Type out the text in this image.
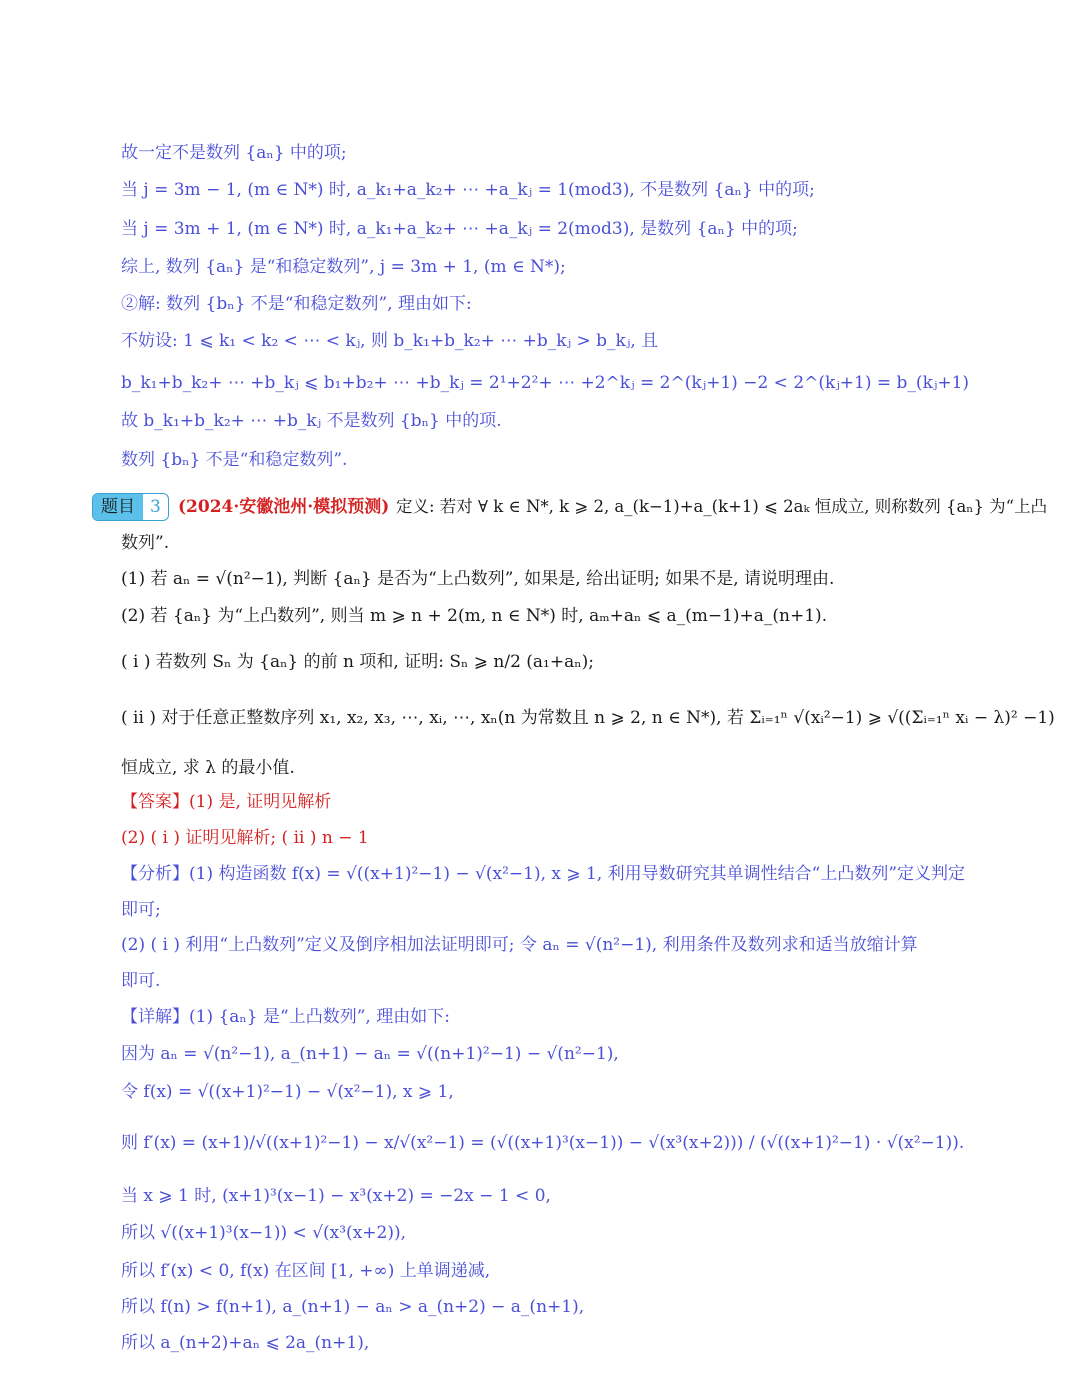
故一定不是数列 {aₙ} 中的项;
当 j = 3m − 1, (m ∈ N*) 时, a_k₁+a_k₂+ ⋯ +a_kⱼ = 1(mod3), 不是数列 {aₙ} 中的项;
当 j = 3m + 1, (m ∈ N*) 时, a_k₁+a_k₂+ ⋯ +a_kⱼ = 2(mod3), 是数列 {aₙ} 中的项;
综上, 数列 {aₙ} 是“和稳定数列”, j = 3m + 1, (m ∈ N*);
②解: 数列 {bₙ} 不是“和稳定数列”, 理由如下:
不妨设: 1 ⩽ k₁ < k₂ < ⋯ < kⱼ, 则 b_k₁+b_k₂+ ⋯ +b_kⱼ > b_kⱼ, 且
b_k₁+b_k₂+ ⋯ +b_kⱼ ⩽ b₁+b₂+ ⋯ +b_kⱼ = 2¹+2²+ ⋯ +2^kⱼ = 2^(kⱼ+1) −2 < 2^(kⱼ+1) = b_(kⱼ+1)
故 b_k₁+b_k₂+ ⋯ +b_kⱼ 不是数列 {bₙ} 中的项.
数列 {bₙ} 不是“和稳定数列”.
题目 3	(2024·安徽池州·模拟预测) 定义: 若对 ∀ k ∈ N*, k ⩾ 2, a_(k−1)+a_(k+1) ⩽ 2aₖ 恒成立, 则称数列 {aₙ} 为“上凸
数列”.
(1) 若 aₙ = √(n²−1), 判断 {aₙ} 是否为“上凸数列”, 如果是, 给出证明; 如果不是, 请说明理由.
(2) 若 {aₙ} 为“上凸数列”, 则当 m ⩾ n + 2(m, n ∈ N*) 时, aₘ+aₙ ⩽ a_(m−1)+a_(n+1).
( i ) 若数列 Sₙ 为 {aₙ} 的前 n 项和, 证明: Sₙ ⩾ n/2 (a₁+aₙ);
( ii ) 对于任意正整数序列 x₁, x₂, x₃, ⋯, xᵢ, ⋯, xₙ(n 为常数且 n ⩾ 2, n ∈ N*), 若 Σᵢ₌₁ⁿ √(xᵢ²−1) ⩾ √((Σᵢ₌₁ⁿ xᵢ − λ)² −1)
恒成立, 求 λ 的最小值.
【答案】(1) 是, 证明见解析
(2) ( i ) 证明见解析; ( ii ) n − 1
【分析】(1) 构造函数 f(x) = √((x+1)²−1) − √(x²−1), x ⩾ 1, 利用导数研究其单调性结合“上凸数列”定义判定
即可;
(2) ( i ) 利用“上凸数列”定义及倒序相加法证明即可; 令 aₙ = √(n²−1), 利用条件及数列求和适当放缩计算
即可.
【详解】(1) {aₙ} 是“上凸数列”, 理由如下:
因为 aₙ = √(n²−1), a_(n+1) − aₙ = √((n+1)²−1) − √(n²−1),
令 f(x) = √((x+1)²−1) − √(x²−1), x ⩾ 1,
则 f′(x) = (x+1)/√((x+1)²−1) − x/√(x²−1) = (√((x+1)³(x−1)) − √(x³(x+2))) / (√((x+1)²−1) · √(x²−1)).
当 x ⩾ 1 时, (x+1)³(x−1) − x³(x+2) = −2x − 1 < 0,
所以 √((x+1)³(x−1)) < √(x³(x+2)),
所以 f′(x) < 0, f(x) 在区间 [1, +∞) 上单调递减,
所以 f(n) > f(n+1), a_(n+1) − aₙ > a_(n+2) − a_(n+1),
所以 a_(n+2)+aₙ ⩽ 2a_(n+1),
